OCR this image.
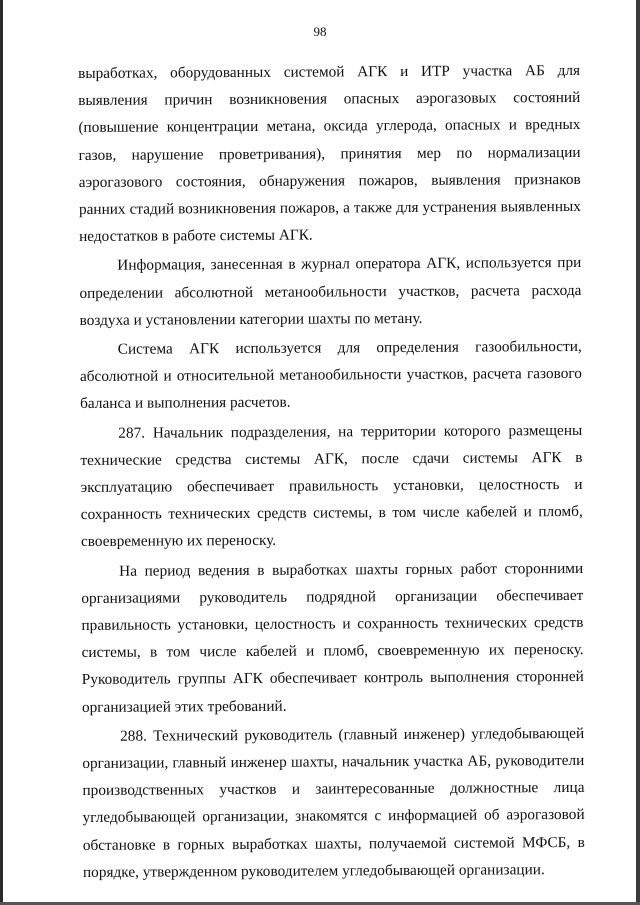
98

выработках, оборудованных системой АГК и ИТР участка АБ для выявления причин возникновения опасных аэрогазовых состояний (повышение концентрации метана, оксида углерода, опасных и вредных газов, нарушение проветривания), принятия мер по нормализации аэрогазового состояния, обнаружения пожаров, выявления признаков ранних стадий возникновения пожаров, а также для устранения выявленных недостатков в работе системы АГК.

Информация, занесенная в журнал оператора АГК, используется при определении абсолютной метанообильности участков, расчета расхода воздуха и установлении категории шахты по метану.

Система АГК используется для определения газообильности, абсолютной и относительной метанообильности участков, расчета газового баланса и выполнения расчетов.

287. Начальник подразделения, на территории которого размещены технические средства системы АГК, после сдачи системы АГК в эксплуатацию обеспечивает правильность установки, целостность и сохранность технических средств системы, в том числе кабелей и пломб, своевременную их переноску.

На период ведения в выработках шахты горных работ сторонними организациями руководитель подрядной организации обеспечивает правильность установки, целостность и сохранность технических средств системы, в том числе кабелей и пломб, своевременную их переноску. Руководитель группы АГК обеспечивает контроль выполнения сторонней организацией этих требований.

288. Технический руководитель (главный инженер) угледобывающей организации, главный инженер шахты, начальник участка АБ, руководители производственных участков и заинтересованные должностные лица угледобывающей организации, знакомятся с информацией об аэрогазовой обстановке в горных выработках шахты, получаемой системой МФСБ, в порядке, утвержденном руководителем угледобывающей организации.
